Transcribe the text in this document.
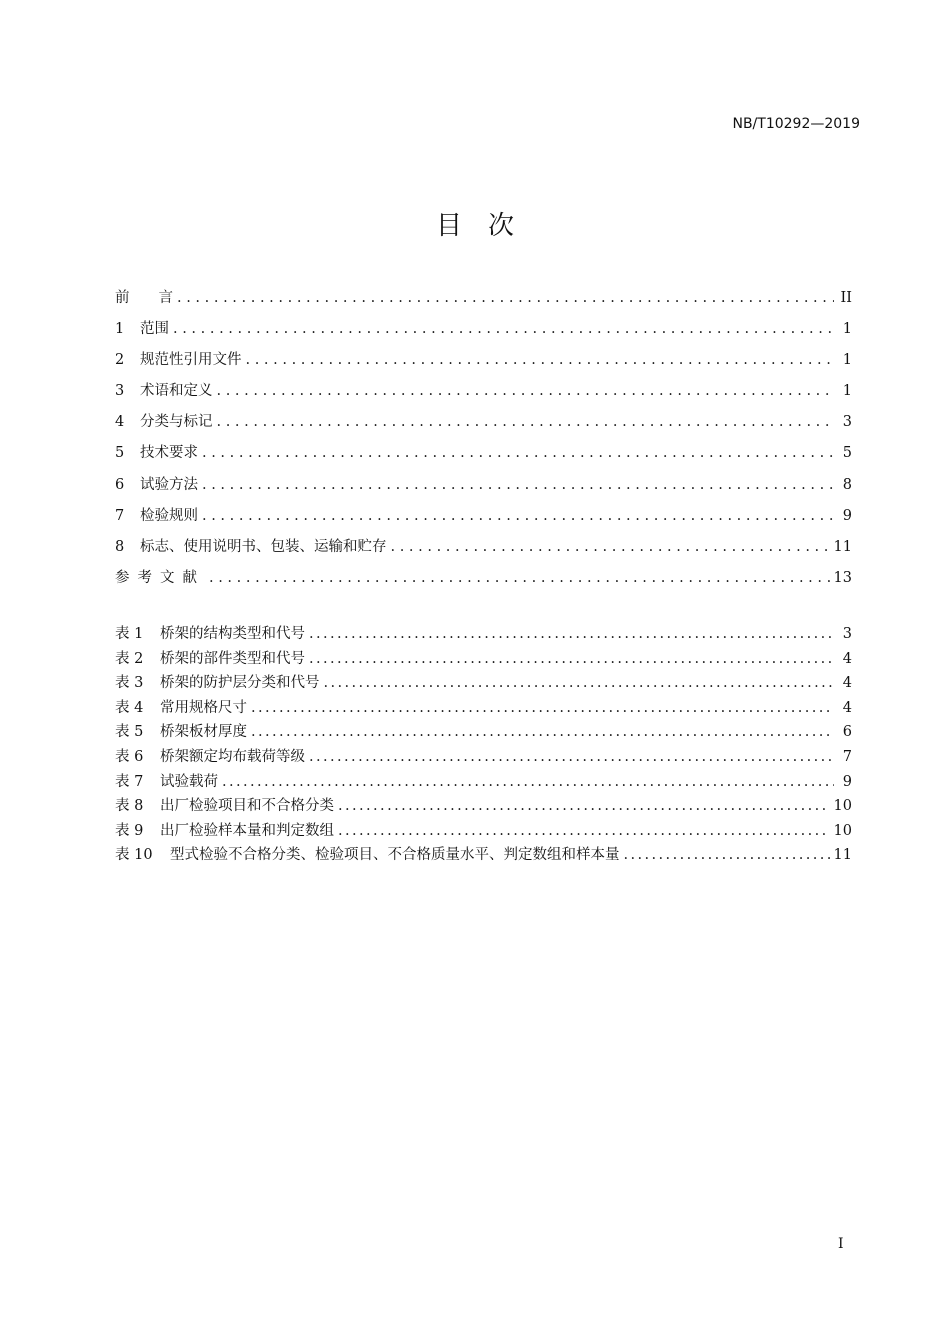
NB/T10292—2019
目次
前　　言 . . .	II
1	范围 . . .	1
2	规范性引用文件 . . .	1
3	术语和定义 . . .	1
4	分类与标记 . . .	3
5	技术要求 . . .	5
6	试验方法 . . .	8
7	检验规则 . . .	9
8	标志、使用说明书、包装、运输和贮存 . . .	11
参考文献 . . .	13
表 1	桥架的结构类型和代号 .....	3
表 2	桥架的部件类型和代号 .....	4
表 3	桥架的防护层分类和代号 .....	4
表 4	常用规格尺寸 .....	4
表 5	桥架板材厚度 .....	6
表 6	桥架额定均布载荷等级 .....	7
表 7	试验载荷 .....	9
表 8	出厂检验项目和不合格分类 .....	10
表 9	出厂检验样本量和判定数组 .....	10
表 10	型式检验不合格分类、检验项目、不合格质量水平、判定数组和样本量 .....	11
I
